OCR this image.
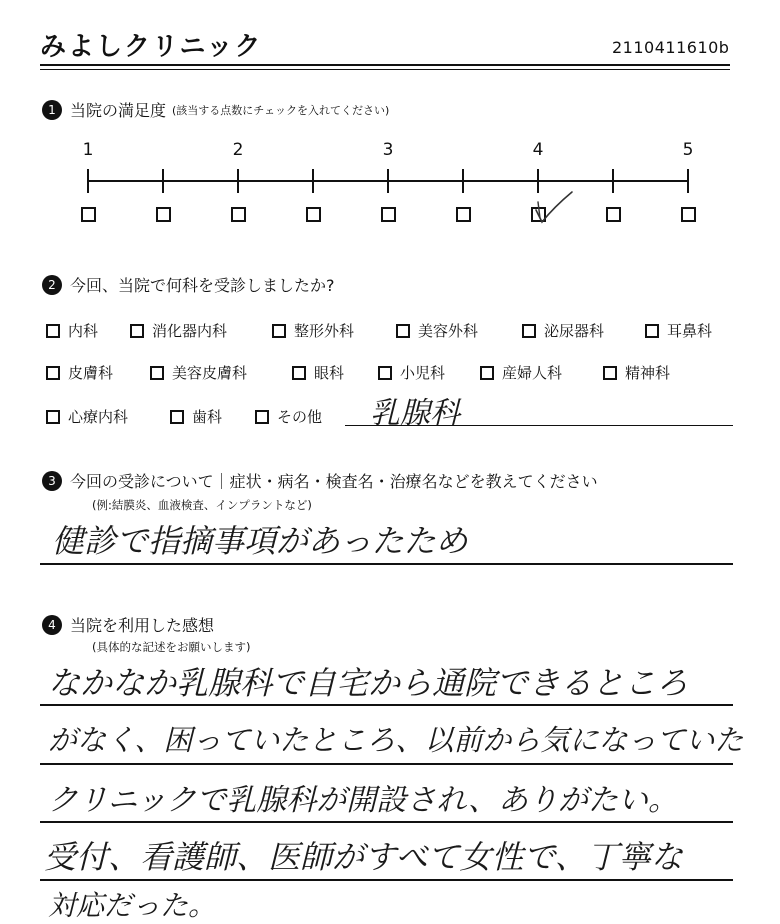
みよしクリニック	2110411610b
1 当院の満足度 (該当する点数にチェックを入れてください)
1	2	3	4	5
2 今回、当院で何科を受診しましたか?
内科	消化器内科	整形外科	美容外科	泌尿器科	耳鼻科
皮膚科	美容皮膚科	眼科	小児科	産婦人科	精神科
心療内科	歯科	その他 乳腺科
3 今回の受診について｜症状・病名・検査名・治療名などを教えてください
(例:結膜炎、血液検査、インプラントなど)
健診で指摘事項があったため
4 当院を利用した感想
(具体的な記述をお願いします)
なかなか乳腺科で自宅から通院できるところ
がなく、困っていたところ、以前から気になっていた
クリニックで乳腺科が開設され、ありがたい。
受付、看護師、医師がすべて女性で、丁寧な
対応だった。
